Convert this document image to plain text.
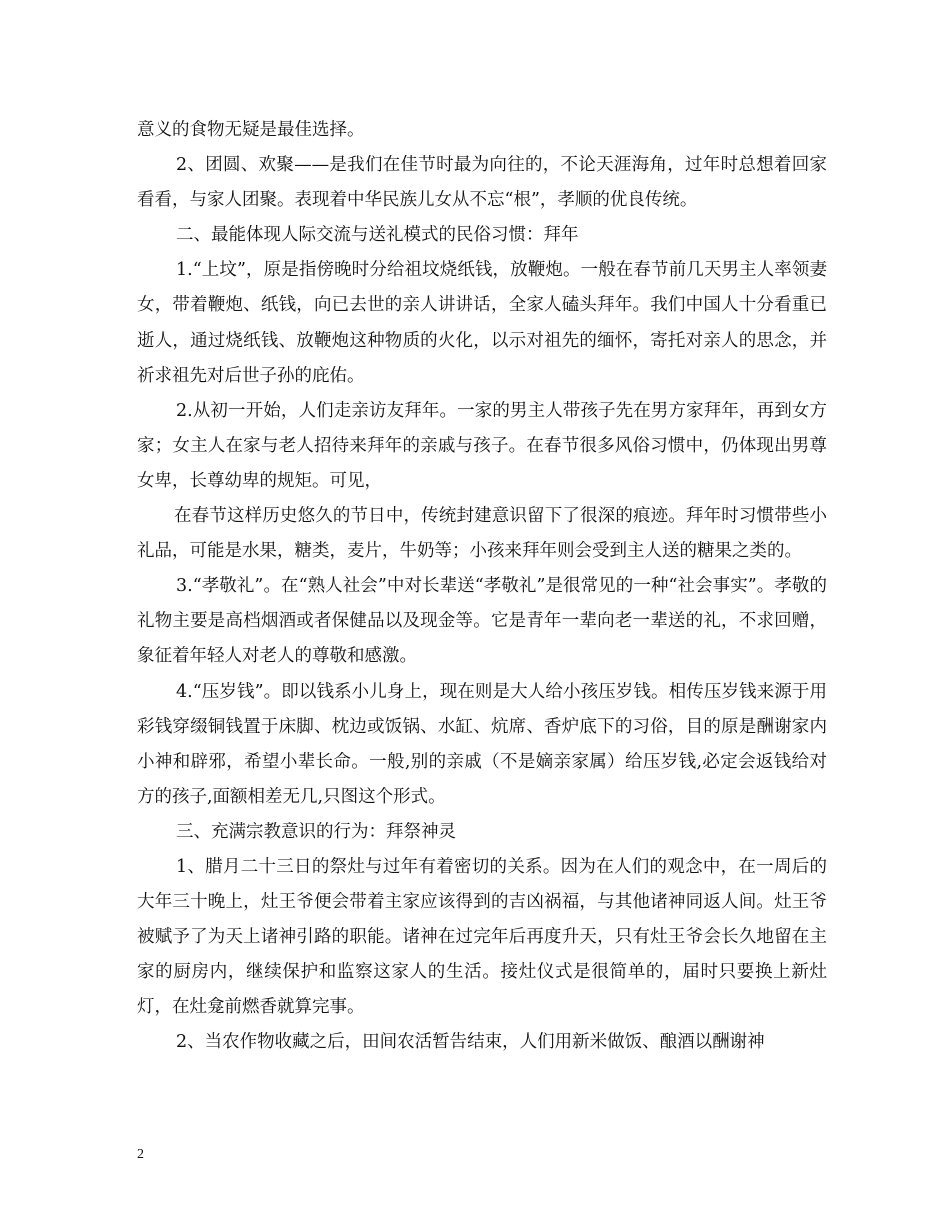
意义的食物无疑是最佳选择。

2、团圆、欢聚——是我们在佳节时最为向往的，不论天涯海角，过年时总想着回家看看，与家人团聚。表现着中华民族儿女从不忘“根”，孝顺的优良传统。

二、最能体现人际交流与送礼模式的民俗习惯：拜年

1.“上坟”，原是指傍晚时分给祖坟烧纸钱，放鞭炮。一般在春节前几天男主人率领妻女，带着鞭炮、纸钱，向已去世的亲人讲讲话，全家人磕头拜年。我们中国人十分看重已逝人，通过烧纸钱、放鞭炮这种物质的火化，以示对祖先的缅怀，寄托对亲人的思念，并祈求祖先对后世子孙的庇佑。

2.从初一开始，人们走亲访友拜年。一家的男主人带孩子先在男方家拜年，再到女方家；女主人在家与老人招待来拜年的亲戚与孩子。在春节很多风俗习惯中，仍体现出男尊女卑，长尊幼卑的规矩。可见，

在春节这样历史悠久的节日中，传统封建意识留下了很深的痕迹。拜年时习惯带些小礼品，可能是水果，糖类，麦片，牛奶等；小孩来拜年则会受到主人送的糖果之类的。

3.“孝敬礼”。在“熟人社会”中对长辈送“孝敬礼”是很常见的一种“社会事实”。孝敬的礼物主要是高档烟酒或者保健品以及现金等。它是青年一辈向老一辈送的礼，不求回赠，象征着年轻人对老人的尊敬和感激。

4.“压岁钱”。即以钱系小儿身上，现在则是大人给小孩压岁钱。相传压岁钱来源于用彩钱穿缀铜钱置于床脚、枕边或饭锅、水缸、炕席、香炉底下的习俗，目的原是酬谢家内小神和辟邪，希望小辈长命。一般,别的亲戚（不是嫡亲家属）给压岁钱,必定会返钱给对方的孩子,面额相差无几,只图这个形式。

三、充满宗教意识的行为：拜祭神灵

1、腊月二十三日的祭灶与过年有着密切的关系。因为在人们的观念中，在一周后的大年三十晚上，灶王爷便会带着主家应该得到的吉凶祸福，与其他诸神同返人间。灶王爷被赋予了为天上诸神引路的职能。诸神在过完年后再度升天，只有灶王爷会长久地留在主家的厨房内，继续保护和监察这家人的生活。接灶仪式是很简单的，届时只要换上新灶灯，在灶龛前燃香就算完事。

2、当农作物收藏之后，田间农活暂告结束，人们用新米做饭、酿酒以酬谢神

2
